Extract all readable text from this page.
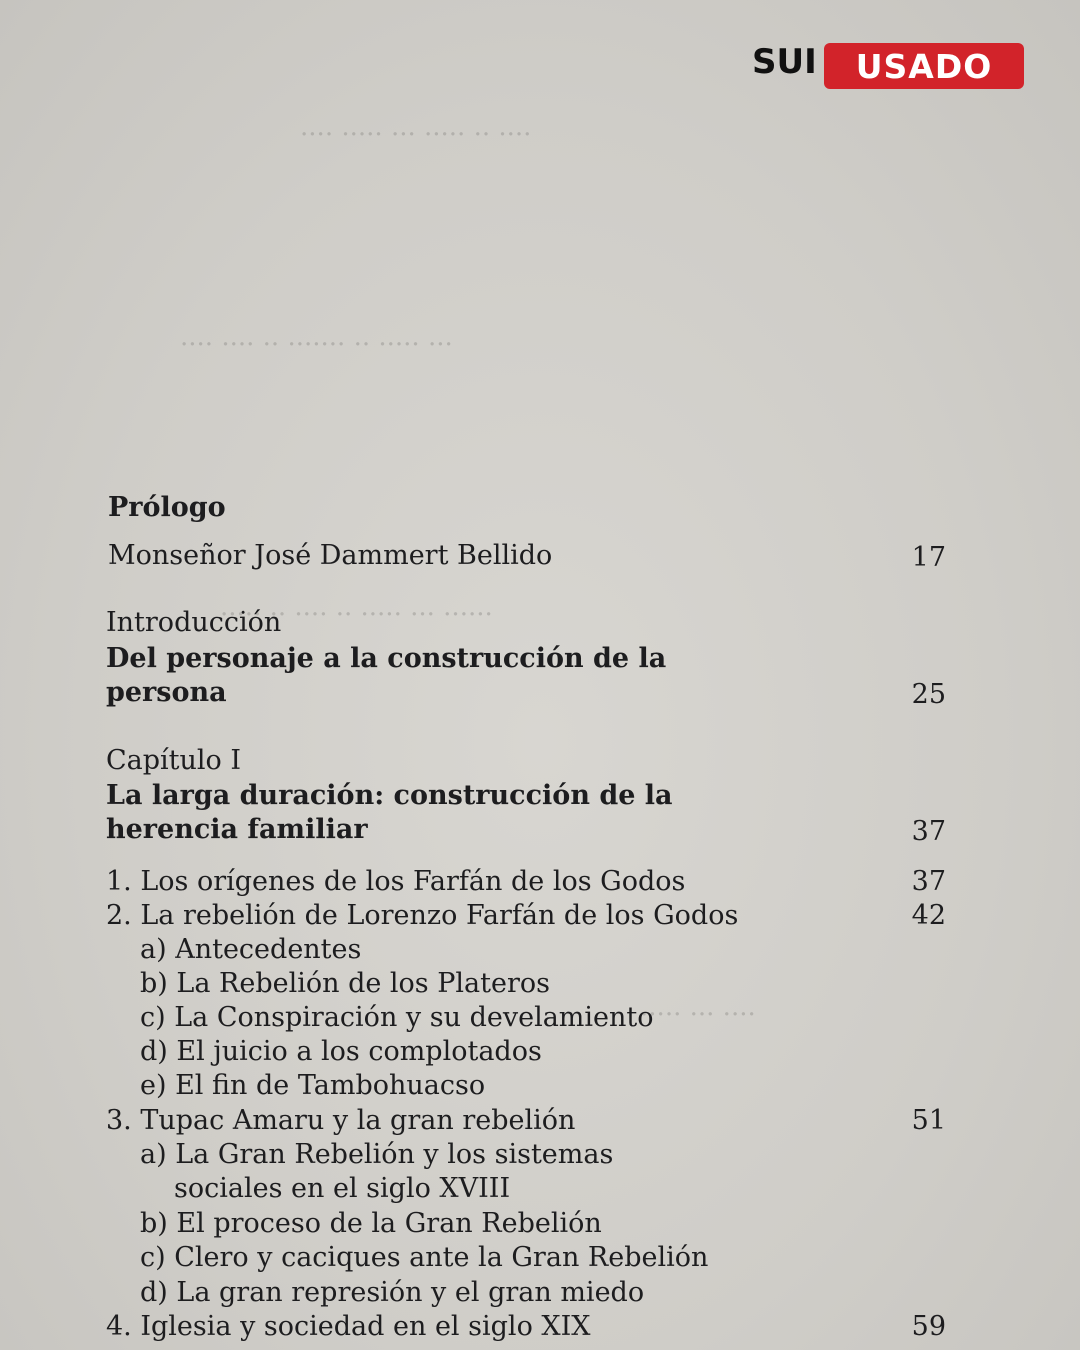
···· ·· ····· ··· ····· ····
··· ····· ·· ······· ·· ···· ····
······ ··· ····· ·· ···· ·· ·····
···· ··· ·····
SUI	USADO
Prólogo
Monseñor José Dammert Bellido	17
Introducción
Del personaje a la construcción de la
persona	25
Capítulo I
La larga duración: construcción de la
herencia familiar	37
1. Los orígenes de los Farfán de los Godos	37
2. La rebelión de Lorenzo Farfán de los Godos	42
a) Antecedentes
b) La Rebelión de los Plateros
c) La Conspiración y su develamiento
d) El juicio a los complotados
e) El fin de Tambohuacso
3. Tupac Amaru y la gran rebelión	51
a) La Gran Rebelión y los sistemas
sociales en el siglo XVIII
b) El proceso de la Gran Rebelión
c) Clero y caciques ante la Gran Rebelión
d) La gran represión y el gran miedo
4. Iglesia y sociedad en el siglo XIX	59
